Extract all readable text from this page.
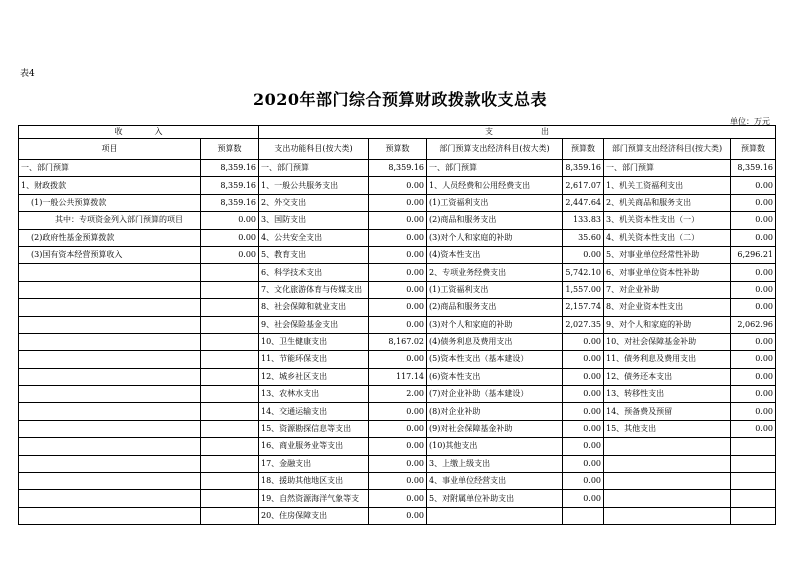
表4
2020年部门综合预算财政拨款收支总表
单位：万元
收　　　　入		支　　　　　　出					
项目	预算数	支出功能科目(按大类)	预算数	部门预算支出经济科目(按大类)	预算数	部门预算支出经济科目(按大类)	预算数
一、部门预算	8,359.16	一、部门预算	8,359.16	一、部门预算	8,359.16	一、部门预算	8,359.16
1、财政拨款	8,359.16	1、一般公共服务支出	0.00	1、人员经费和公用经费支出	2,617.07	1、机关工资福利支出	0.00
(1)一般公共预算拨款	8,359.16	2、外交支出	0.00	(1)工资福利支出	2,447.64	2、机关商品和服务支出	0.00
其中：专项资金列入部门预算的项目	0.00	3、国防支出	0.00	(2)商品和服务支出	133.83	3、机关资本性支出（一）	0.00
(2)政府性基金预算拨款	0.00	4、公共安全支出	0.00	(3)对个人和家庭的补助	35.60	4、机关资本性支出（二）	0.00
(3)国有资本经营预算收入	0.00	5、教育支出	0.00	(4)资本性支出	0.00	5、对事业单位经常性补助	6,296.21
		6、科学技术支出	0.00	2、专项业务经费支出	5,742.10	6、对事业单位资本性补助	0.00
		7、文化旅游体育与传媒支出	0.00	(1)工资福利支出	1,557.00	7、对企业补助	0.00
		8、社会保障和就业支出	0.00	(2)商品和服务支出	2,157.74	8、对企业资本性支出	0.00
		9、社会保险基金支出	0.00	(3)对个人和家庭的补助	2,027.35	9、对个人和家庭的补助	2,062.96
		10、卫生健康支出	8,167.02	(4)债务利息及费用支出	0.00	10、对社会保障基金补助	0.00
		11、节能环保支出	0.00	(5)资本性支出（基本建设）	0.00	11、债务利息及费用支出	0.00
		12、城乡社区支出	117.14	(6)资本性支出	0.00	12、债务还本支出	0.00
		13、农林水支出	2.00	(7)对企业补助（基本建设）	0.00	13、转移性支出	0.00
		14、交通运输支出	0.00	(8)对企业补助	0.00	14、预备费及预留	0.00
		15、资源勘探信息等支出	0.00	(9)对社会保障基金补助	0.00	15、其他支出	0.00
		16、商业服务业等支出	0.00	(10)其他支出	0.00		
		17、金融支出	0.00	3、上缴上级支出	0.00		
		18、援助其他地区支出	0.00	4、事业单位经营支出	0.00		
		19、自然资源海洋气象等支	0.00	5、对附属单位补助支出	0.00		
		20、住房保障支出	0.00				
